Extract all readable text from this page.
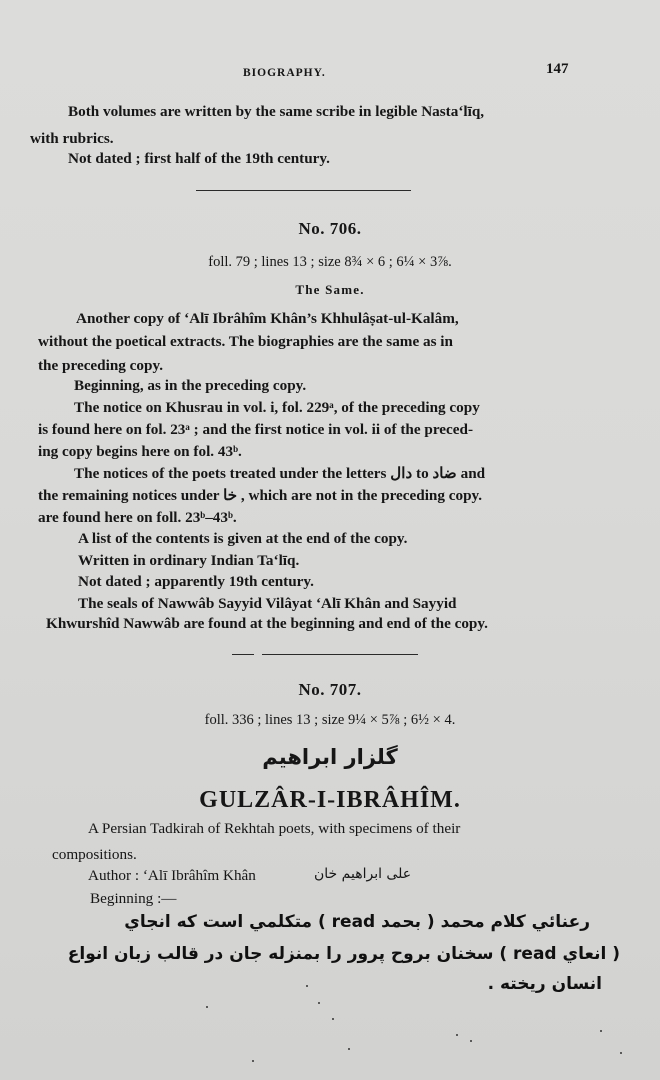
BIOGRAPHY.	147
Both volumes are written by the same scribe in legible Nasta‘līq,
with rubrics.
Not dated ; first half of the 19th century.
No. 706.
foll. 79 ; lines 13 ; size 8¾ × 6 ; 6¼ × 3⅞.
The Same.
Another copy of ‘Alī Ibrâhîm Khân’s Khhulâṣat-ul-Kalâm,
without the poetical extracts. The biographies are the same as in
the preceding copy.
Beginning, as in the preceding copy.
The notice on Khusrau in vol. i, fol. 229ᵃ, of the preceding copy
is found here on fol. 23ᵃ ; and the first notice in vol. ii of the preced-
ing copy begins here on fol. 43ᵇ.
The notices of the poets treated under the letters دال to ضاد and
the remaining notices under خا , which are not in the preceding copy.
are found here on foll. 23ᵇ–43ᵇ.
A list of the contents is given at the end of the copy.
Written in ordinary Indian Ta‘līq.
Not dated ; apparently 19th century.
The seals of Nawwâb Sayyid Vilâyat ‘Alī Khân and Sayyid
Khwurshîd Nawwâb are found at the beginning and end of the copy.
No. 707.
foll. 336 ; lines 13 ; size 9¼ × 5⅞ ; 6½ × 4.
گلزار ابراهیم
GULZÂR-I-IBRÂHÎM.
A Persian Tadkirah of Rekhtah poets, with specimens of their
compositions.
Author : ‘Alī Ibrâhîm Khân	علی ابراهیم خان
Beginning :—
رعنائي كلام محمد ( بحمد read ) متكلمي است كه انجاي
( انعاي read ) سخنان بروح پرور را بمنزله جان در قالب زبان انواع
انسان ريخته .
